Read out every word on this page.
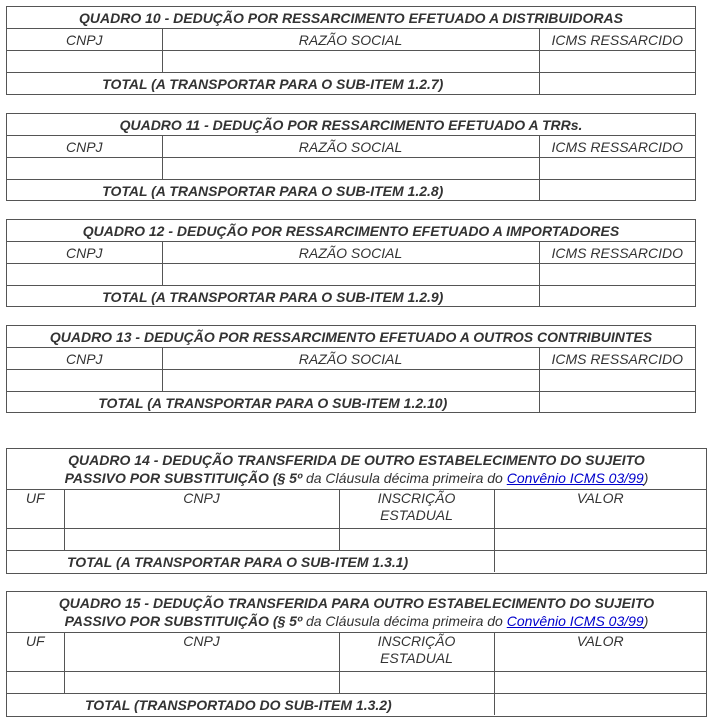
QUADRO 10 - DEDUÇÃO POR RESSARCIMENTO EFETUADO A DISTRIBUIDORAS		
CNPJ	RAZÃO SOCIAL	ICMS RESSARCIDO

TOTAL (A TRANSPORTAR PARA O SUB-ITEM 1.2.7)		
QUADRO 11 - DEDUÇÃO POR RESSARCIMENTO EFETUADO A TRRs.		
CNPJ	RAZÃO SOCIAL	ICMS RESSARCIDO

TOTAL (A TRANSPORTAR PARA O SUB-ITEM 1.2.8)		
QUADRO 12 - DEDUÇÃO POR RESSARCIMENTO EFETUADO A IMPORTADORES		
CNPJ	RAZÃO SOCIAL	ICMS RESSARCIDO

TOTAL (A TRANSPORTAR PARA O SUB-ITEM 1.2.9)		
QUADRO 13 - DEDUÇÃO POR RESSARCIMENTO EFETUADO A OUTROS CONTRIBUINTES		
CNPJ	RAZÃO SOCIAL	ICMS RESSARCIDO

TOTAL (A TRANSPORTAR PARA O SUB-ITEM 1.2.10)		
QUADRO 14 - DEDUÇÃO TRANSFERIDA DE OUTRO ESTABELECIMENTO DO SUJEITO
PASSIVO POR SUBSTITUIÇÃO (§ 5º da Cláusula décima primeira do Convênio ICMS 03/99)			
UF	CNPJ	INSCRIÇÃO ESTADUAL	VALOR

TOTAL (A TRANSPORTAR PARA O SUB-ITEM 1.3.1)			
QUADRO 15 - DEDUÇÃO TRANSFERIDA PARA OUTRO ESTABELECIMENTO DO SUJEITO
PASSIVO POR SUBSTITUIÇÃO (§ 5º da Cláusula décima primeira do Convênio ICMS 03/99)			
UF	CNPJ	INSCRIÇÃO ESTADUAL	VALOR

TOTAL (TRANSPORTADO DO SUB-ITEM 1.3.2)			
